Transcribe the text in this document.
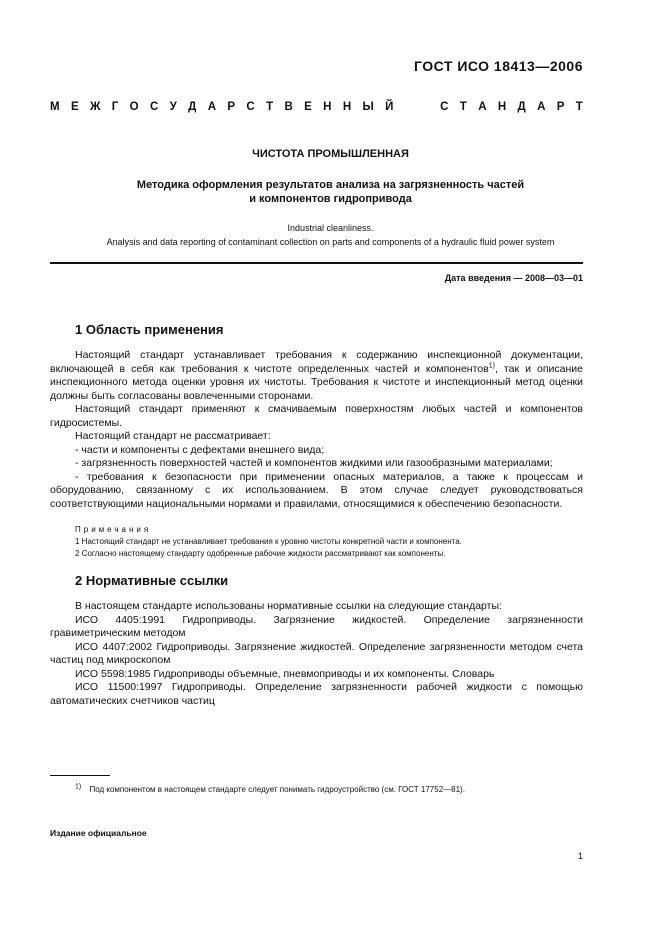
ГОСТ ИСО 18413—2006
М Е Ж Г О С У Д А Р С Т В Е Н Н Ы Й	С Т А Н Д А Р Т
ЧИСТОТА ПРОМЫШЛЕННАЯ
Методика оформления результатов анализа на загрязненность частей
и компонентов гидропривода
Industrial cleanliness.
Analysis and data reporting of contaminant collection on parts and components of a hydraulic fluid power system
Дата введения — 2008—03—01
1 Область применения
Настоящий стандарт устанавливает требования к содержанию инспекционной документации, включающей в себя как требования к чистоте определенных частей и компонентов$^{1)}$, так и описание инспекционного метода оценки уровня их чистоты. Требования к чистоте и инспекционный метод оценки должны быть согласованы вовлеченными сторонами.
Настоящий стандарт применяют к смачиваемым поверхностям любых частей и компонентов гидросистемы.
Настоящий стандарт не рассматривает:
- части и компоненты с дефектами внешнего вида;
- загрязненность поверхностей частей и компонентов жидкими или газообразными материалами;
- требования к безопасности при применении опасных материалов, а также к процессам и оборудованию, связанному с их использованием. В этом случае следует руководствоваться соответствующими национальными нормами и правилами, относящимися к обеспечению безопасности.
Примечания
1 Настоящий стандарт не устанавливает требования к уровню чистоты конкретной части и компонента.
2 Согласно настоящему стандарту одобренные рабочие жидкости рассматривают как компоненты.
2 Нормативные ссылки
В настоящем стандарте использованы нормативные ссылки на следующие стандарты:
ИСО 4405:1991 Гидроприводы. Загрязнение жидкостей. Определение загрязненности гравиметрическим методом
ИСО 4407:2002 Гидроприводы. Загрязнение жидкостей. Определение загрязненности методом счета частиц под микроскопом
ИСО 5598:1985 Гидроприводы объемные, пневмоприводы и их компоненты. Словарь
ИСО 11500:1997 Гидроприводы. Определение загрязненности рабочей жидкости с помощью автоматических счетчиков частиц
$^{1)}$ Под компонентом в настоящем стандарте следует понимать гидроустройство (см. ГОСТ 17752—81).
Издание официальное
1
